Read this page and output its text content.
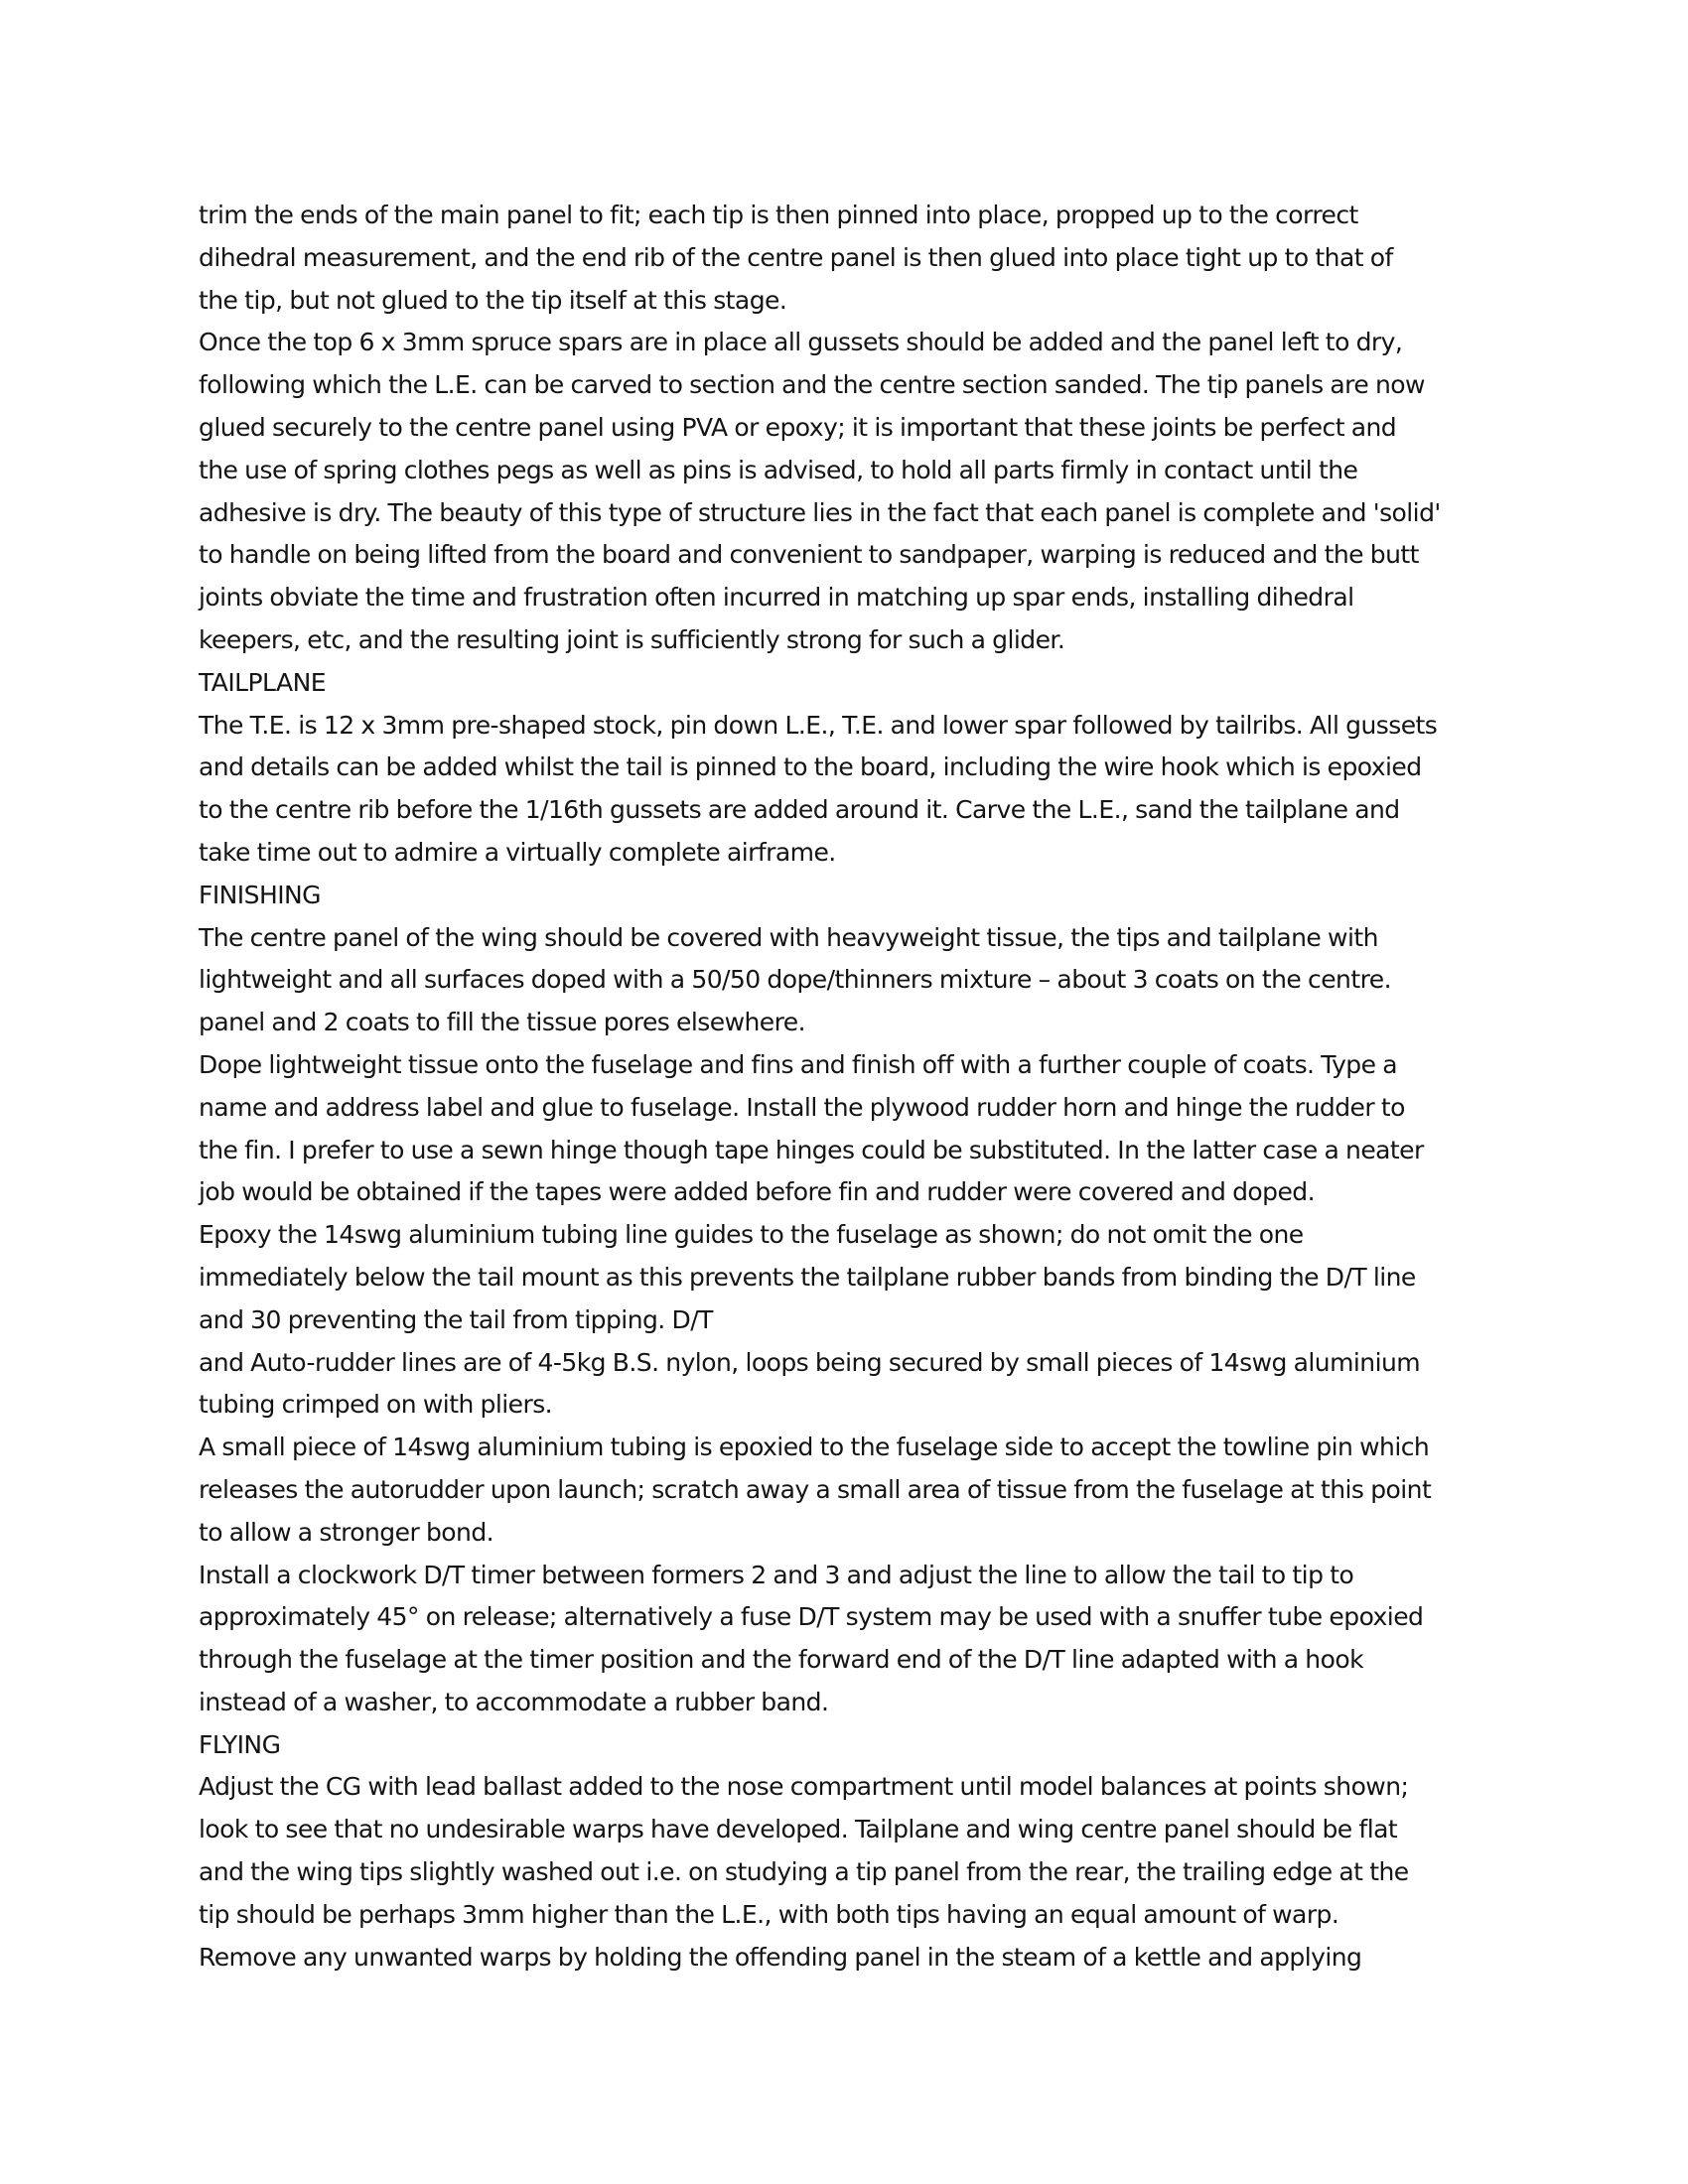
trim the ends of the main panel to fit; each tip is then pinned into place, propped up to the correct
dihedral measurement, and the end rib of the centre panel is then glued into place tight up to that of
the tip, but not glued to the tip itself at this stage.
Once the top 6 x 3mm spruce spars are in place all gussets should be added and the panel left to dry,
following which the L.E. can be carved to section and the centre section sanded. The tip panels are now
glued securely to the centre panel using PVA or epoxy; it is important that these joints be perfect and
the use of spring clothes pegs as well as pins is advised, to hold all parts firmly in contact until the
adhesive is dry. The beauty of this type of structure lies in the fact that each panel is complete and 'solid'
to handle on being lifted from the board and convenient to sandpaper, warping is reduced and the butt
joints obviate the time and frustration often incurred in matching up spar ends, installing dihedral
keepers, etc, and the resulting joint is sufficiently strong for such a glider.
TAILPLANE
The T.E. is 12 x 3mm pre-shaped stock, pin down L.E., T.E. and lower spar followed by tailribs. All gussets
and details can be added whilst the tail is pinned to the board, including the wire hook which is epoxied
to the centre rib before the 1/16th gussets are added around it. Carve the L.E., sand the tailplane and
take time out to admire a virtually complete airframe.
FINISHING
The centre panel of the wing should be covered with heavyweight tissue, the tips and tailplane with
lightweight and all surfaces doped with a 50/50 dope/thinners mixture – about 3 coats on the centre.
panel and 2 coats to fill the tissue pores elsewhere.
Dope lightweight tissue onto the fuselage and fins and finish off with a further couple of coats. Type a
name and address label and glue to fuselage. Install the plywood rudder horn and hinge the rudder to
the fin. I prefer to use a sewn hinge though tape hinges could be substituted. In the latter case a neater
job would be obtained if the tapes were added before fin and rudder were covered and doped.
Epoxy the 14swg aluminium tubing line guides to the fuselage as shown; do not omit the one
immediately below the tail mount as this prevents the tailplane rubber bands from binding the D/T line
and 30 preventing the tail from tipping. D/T
and Auto-rudder lines are of 4-5kg B.S. nylon, loops being secured by small pieces of 14swg aluminium
tubing crimped on with pliers.
A small piece of 14swg aluminium tubing is epoxied to the fuselage side to accept the towline pin which
releases the autorudder upon launch; scratch away a small area of tissue from the fuselage at this point
to allow a stronger bond.
Install a clockwork D/T timer between formers 2 and 3 and adjust the line to allow the tail to tip to
approximately 45° on release; alternatively a fuse D/T system may be used with a snuffer tube epoxied
through the fuselage at the timer position and the forward end of the D/T line adapted with a hook
instead of a washer, to accommodate a rubber band.
FLYING
Adjust the CG with lead ballast added to the nose compartment until model balances at points shown;
look to see that no undesirable warps have developed. Tailplane and wing centre panel should be flat
and the wing tips slightly washed out i.e. on studying a tip panel from the rear, the trailing edge at the
tip should be perhaps 3mm higher than the L.E., with both tips having an equal amount of warp.
Remove any unwanted warps by holding the offending panel in the steam of a kettle and applying
